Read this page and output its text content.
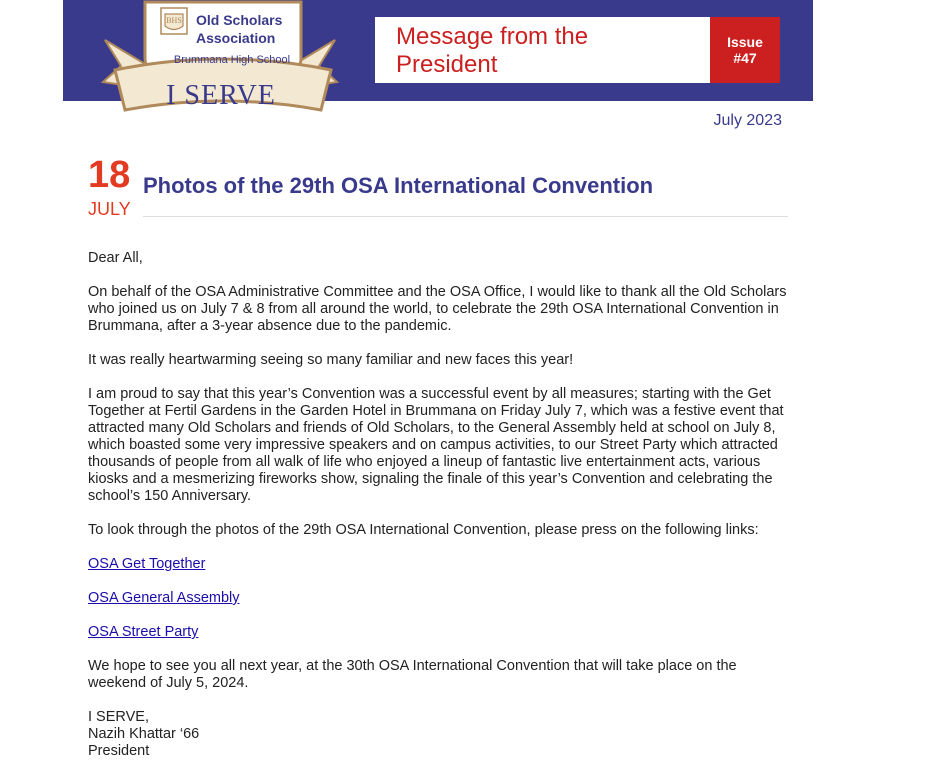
BHS Old Scholars Association
Brummana High School
I SERVE
Message from the President
Issue
#47
July 2023
18
JULY
Photos of the 29th OSA International Convention

Dear All,

On behalf of the OSA Administrative Committee and the OSA Office, I would like to thank all the Old Scholars who joined us on July 7 & 8 from all around the world, to celebrate the 29th OSA International Convention in Brummana, after a 3-year absence due to the pandemic.

It was really heartwarming seeing so many familiar and new faces this year!

I am proud to say that this year’s Convention was a successful event by all measures; starting with the Get Together at Fertil Gardens in the Garden Hotel in Brummana on Friday July 7, which was a festive event that attracted many Old Scholars and friends of Old Scholars, to the General Assembly held at school on July 8, which boasted some very impressive speakers and on campus activities, to our Street Party which attracted thousands of people from all walk of life who enjoyed a lineup of fantastic live entertainment acts, various kiosks and a mesmerizing fireworks show, signaling the finale of this year’s Convention and celebrating the school’s 150 Anniversary.

To look through the photos of the 29th OSA International Convention, please press on the following links:

OSA Get Together

OSA General Assembly

OSA Street Party

We hope to see you all next year, at the 30th OSA International Convention that will take place on the weekend of July 5, 2024.

I SERVE,
Nazih Khattar ‘66
President
